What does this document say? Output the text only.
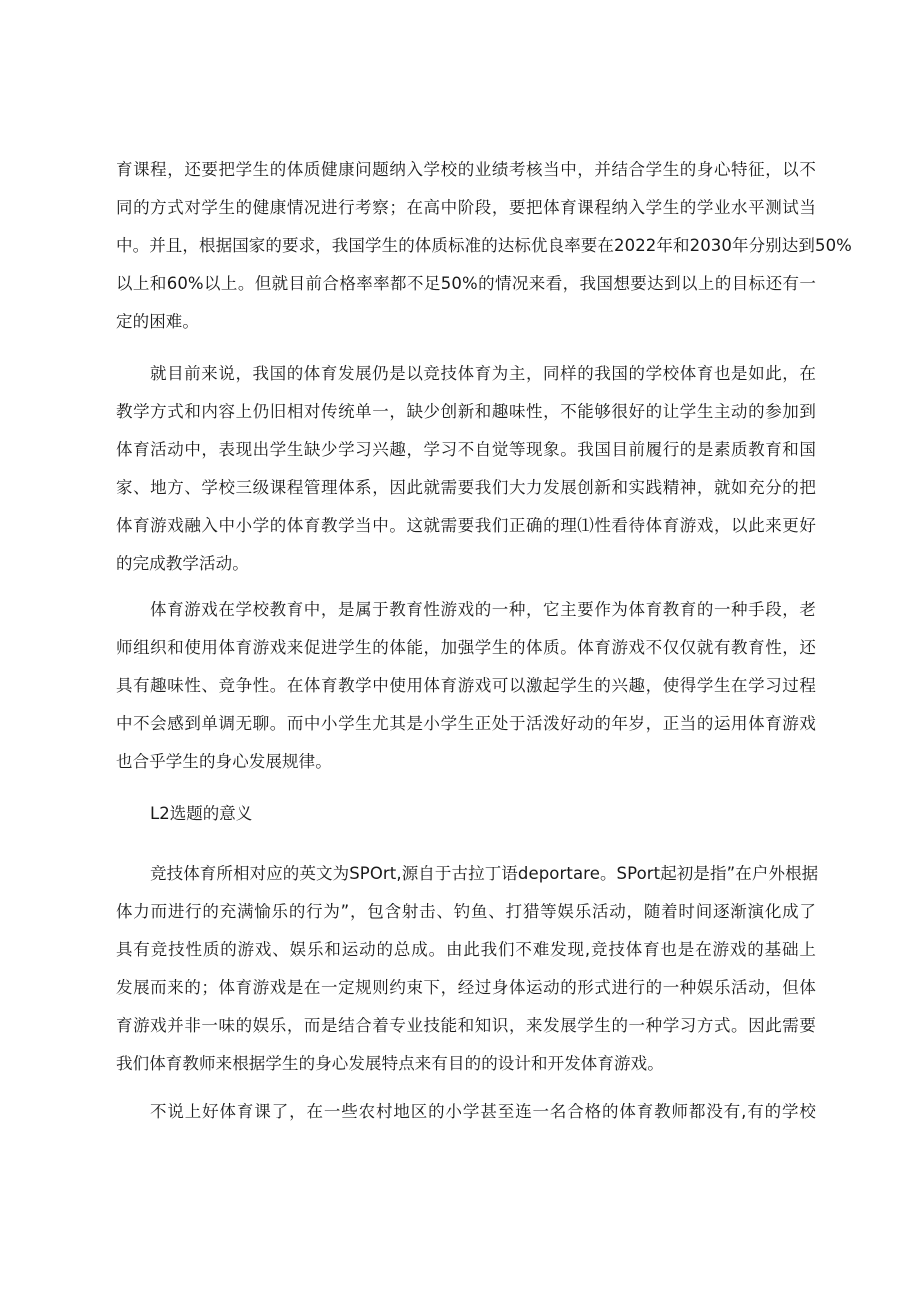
育课程，还要把学生的体质健康问题纳入学校的业绩考核当中，并结合学生的身心特征，以不
同的方式对学生的健康情况进行考察；在高中阶段，要把体育课程纳入学生的学业水平测试当
中。并且，根据国家的要求，我国学生的体质标准的达标优良率要在2022年和2030年分别达到50%
以上和60%以上。但就目前合格率率都不足50%的情况来看，我国想要达到以上的目标还有一
定的困难。
就目前来说，我国的体育发展仍是以竞技体育为主，同样的我国的学校体育也是如此，在
教学方式和内容上仍旧相对传统单一，缺少创新和趣味性，不能够很好的让学生主动的参加到
体育活动中，表现出学生缺少学习兴趣，学习不自觉等现象。我国目前履行的是素质教育和国
家、地方、学校三级课程管理体系，因此就需要我们大力发展创新和实践精神，就如充分的把
体育游戏融入中小学的体育教学当中。这就需要我们正确的理⑴性看待体育游戏，以此来更好
的完成教学活动。
体育游戏在学校教育中，是属于教育性游戏的一种，它主要作为体育教育的一种手段，老
师组织和使用体育游戏来促进学生的体能，加强学生的体质。体育游戏不仅仅就有教育性，还
具有趣味性、竞争性。在体育教学中使用体育游戏可以激起学生的兴趣，使得学生在学习过程
中不会感到单调无聊。而中小学生尤其是小学生正处于活泼好动的年岁，正当的运用体育游戏
也合乎学生的身心发展规律。
L2选题的意义
竞技体育所相对应的英文为SPOrt,源自于古拉丁语deportare。SPort起初是指”在户外根据
体力而进行的充满愉乐的行为”，包含射击、钓鱼、打猎等娱乐活动，随着时间逐渐演化成了
具有竞技性质的游戏、娱乐和运动的总成。由此我们不难发现,竞技体育也是在游戏的基础上
发展而来的；体育游戏是在一定规则约束下，经过身体运动的形式进行的一种娱乐活动，但体
育游戏并非一味的娱乐，而是结合着专业技能和知识，来发展学生的一种学习方式。因此需要
我们体育教师来根据学生的身心发展特点来有目的的设计和开发体育游戏。
不说上好体育课了，在一些农村地区的小学甚至连一名合格的体育教师都没有,有的学校
